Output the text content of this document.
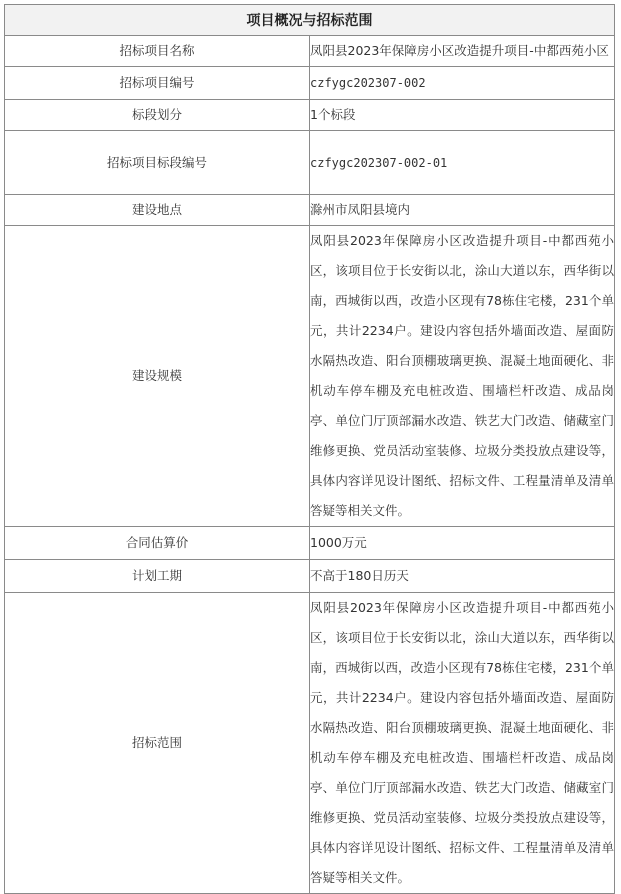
项目概况与招标范围	
招标项目名称	凤阳县2023年保障房小区改造提升项目-中都西苑小区
招标项目编号	czfygc202307-002
标段划分	1个标段
招标项目标段编号	czfygc202307-002-01
建设地点	滁州市凤阳县境内
建设规模	凤阳县2023年保障房小区改造提升项目-中都西苑小区，该项目位于长安街以北，涂山大道以东，西华街以南，西城街以西，改造小区现有78栋住宅楼，231个单元，共计2234户。建设内容包括外墙面改造、屋面防水隔热改造、阳台顶棚玻璃更换、混凝土地面硬化、非机动车停车棚及充电桩改造、围墙栏杆改造、成品岗亭、单位门厅顶部漏水改造、铁艺大门改造、储藏室门维修更换、党员活动室装修、垃圾分类投放点建设等，具体内容详见设计图纸、招标文件、工程量清单及清单答疑等相关文件。
合同估算价	1000万元
计划工期	不高于180日历天
招标范围	凤阳县2023年保障房小区改造提升项目-中都西苑小区，该项目位于长安街以北，涂山大道以东，西华街以南，西城街以西，改造小区现有78栋住宅楼，231个单元，共计2234户。建设内容包括外墙面改造、屋面防水隔热改造、阳台顶棚玻璃更换、混凝土地面硬化、非机动车停车棚及充电桩改造、围墙栏杆改造、成品岗亭、单位门厅顶部漏水改造、铁艺大门改造、储藏室门维修更换、党员活动室装修、垃圾分类投放点建设等，具体内容详见设计图纸、招标文件、工程量清单及清单答疑等相关文件。
